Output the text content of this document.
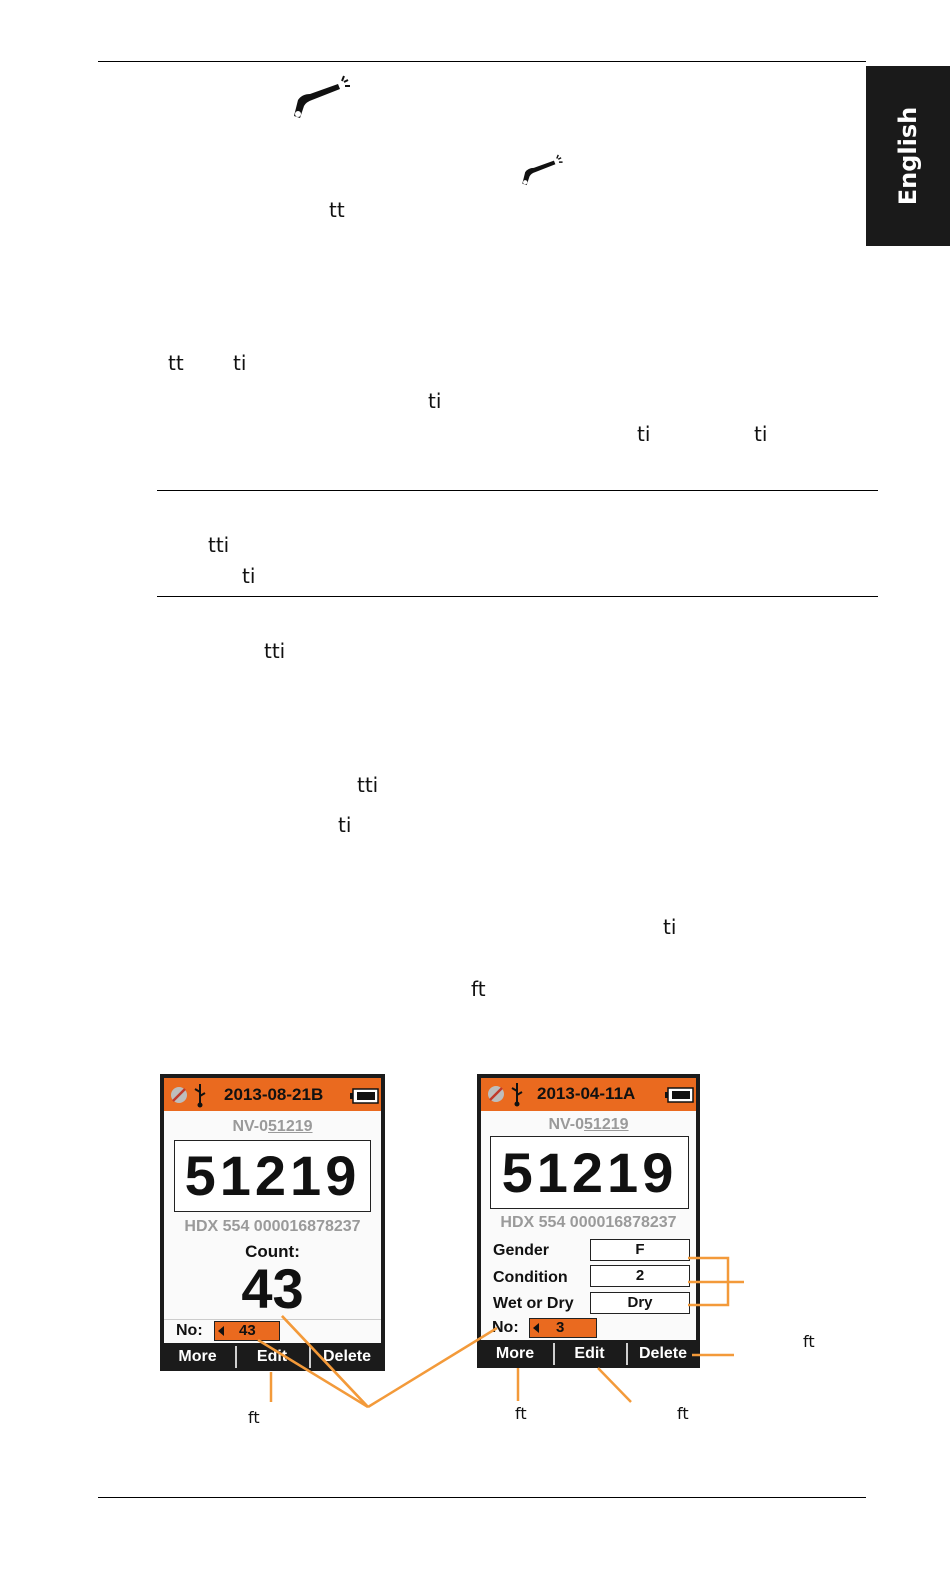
English
tt
tt ti
ti
ti	ti
tti
ti
tti
tti
ti
ti
ft
2013-08-21B
NV-051219
51219
HDX 554 000016878237
Count:
43
No: 43
More	Edit	Delete
2013-04-11A
NV-051219
51219
HDX 554 000016878237
Gender	F
Condition	2
Wet or Dry	Dry
No: 3
More	Edit	Delete
ft	ft	ft
ft
